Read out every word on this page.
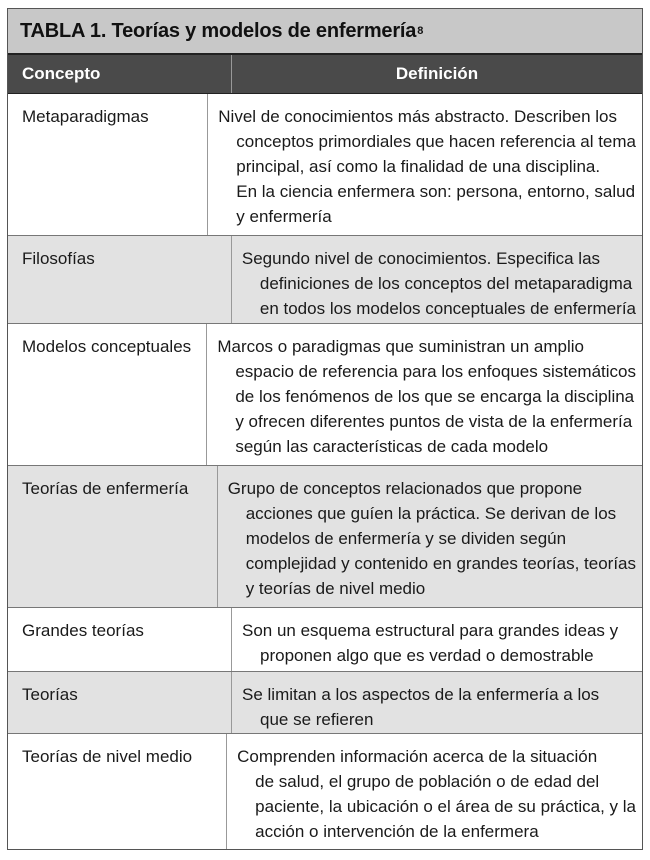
TABLA 1. Teorías y modelos de enfermería 8
Concepto	Definición
Metaparadigmas	Nivel de conocimientos más abstracto. Describen los
conceptos primordiales que hacen referencia al tema
principal, así como la finalidad de una disciplina.
En la ciencia enfermera son: persona, entorno, salud
y enfermería
Filosofías	Segundo nivel de conocimientos. Especifica las
definiciones de los conceptos del metaparadigma
en todos los modelos conceptuales de enfermería
Modelos conceptuales	Marcos o paradigmas que suministran un amplio
espacio de referencia para los enfoques sistemáticos
de los fenómenos de los que se encarga la disciplina
y ofrecen diferentes puntos de vista de la enfermería
según las características de cada modelo
Teorías de enfermería	Grupo de conceptos relacionados que propone
acciones que guíen la práctica. Se derivan de los
modelos de enfermería y se dividen según
complejidad y contenido en grandes teorías, teorías
y teorías de nivel medio
Grandes teorías	Son un esquema estructural para grandes ideas y
proponen algo que es verdad o demostrable
Teorías	Se limitan a los aspectos de la enfermería a los
que se refieren
Teorías de nivel medio	Comprenden información acerca de la situación
de salud, el grupo de población o de edad del
paciente, la ubicación o el área de su práctica, y la
acción o intervención de la enfermera
